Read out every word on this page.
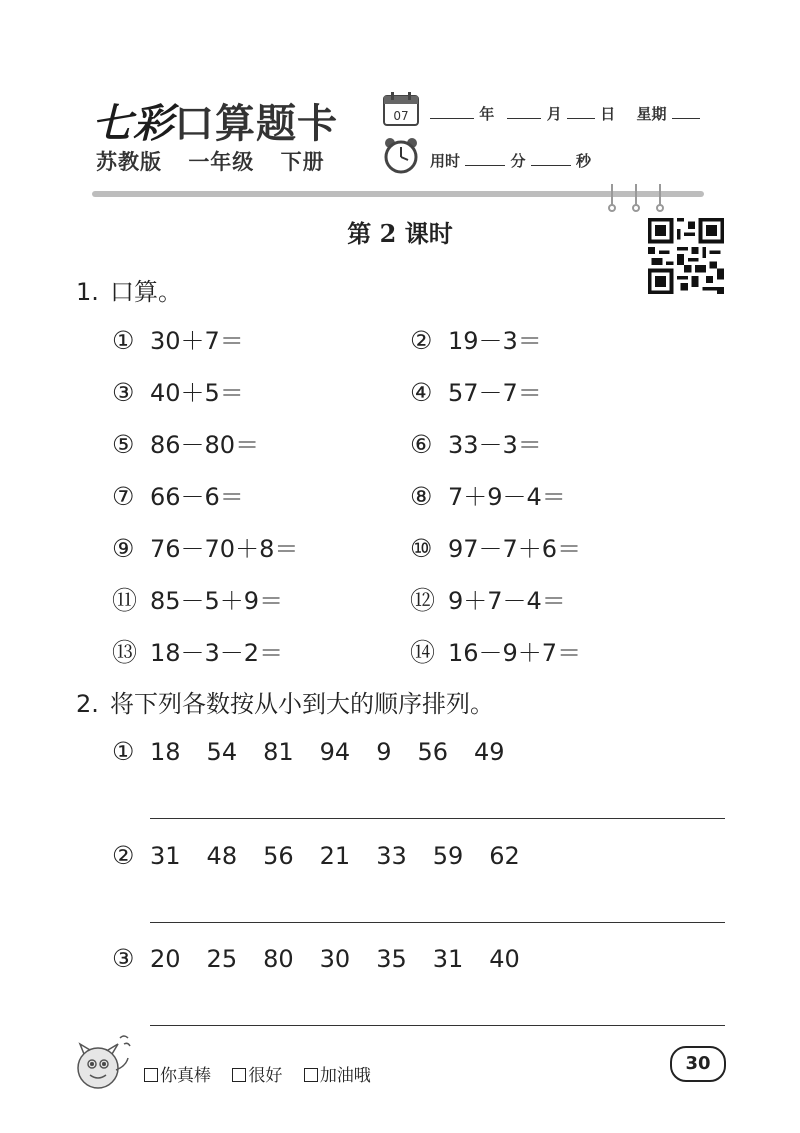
七彩口算题卡
苏教版 一年级 下册
07	年	月	日 星期
用时	分	秒
第 2 课时
1. 口算。
① 30＋7＝	② 19－3＝
③ 40＋5＝	④ 57－7＝
⑤ 86－80＝	⑥ 33－3＝
⑦ 66－6＝	⑧ 7＋9－4＝
⑨ 76－70＋8＝	⑩ 97－7＋6＝
⑪ 85－5＋9＝	⑫ 9＋7－4＝
⑬ 18－3－2＝	⑭ 16－9＋7＝
2. 将下列各数按从小到大的顺序排列。
① 18 54 81 94 9 56 49
② 31 48 56 21 33 59 62
③ 20 25 80 30 35 31 40
你真棒 很好 加油哦
30
